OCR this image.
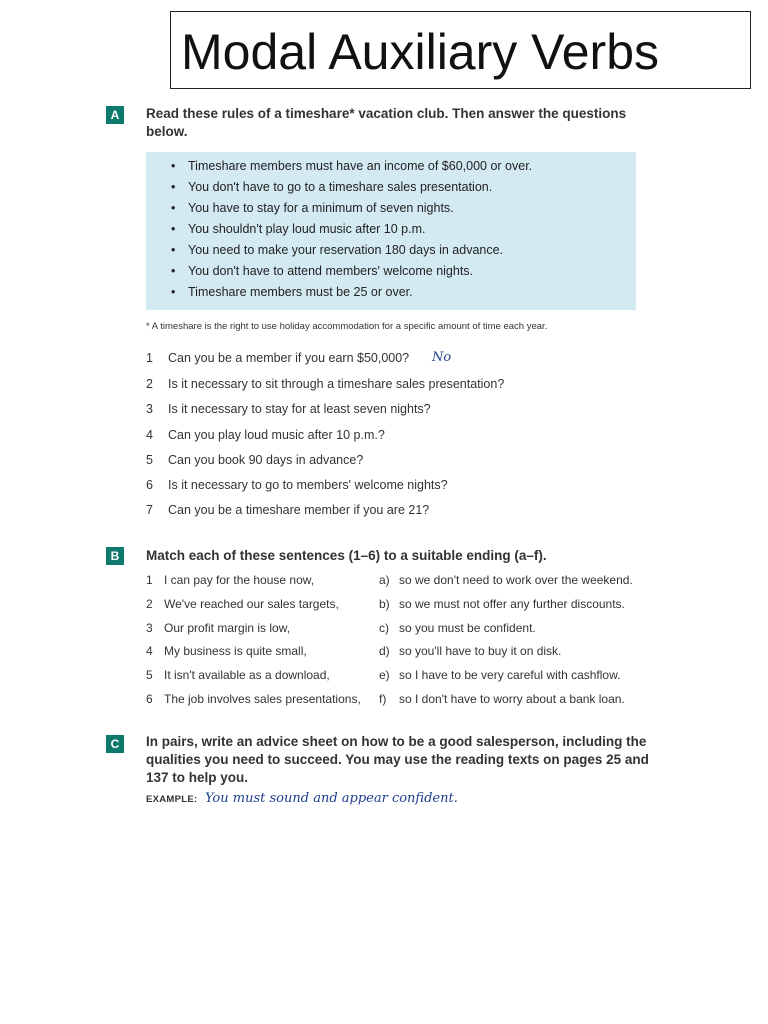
Modal Auxiliary Verbs
A	Read these rules of a timeshare* vacation club. Then answer the questions
below.
• Timeshare members must have an income of $60,000 or over.
• You don't have to go to a timeshare sales presentation.
• You have to stay for a minimum of seven nights.
• You shouldn't play loud music after 10 p.m.
• You need to make your reservation 180 days in advance.
• You don't have to attend members' welcome nights.
• Timeshare members must be 25 or over.
* A timeshare is the right to use holiday accommodation for a specific amount of time each year.
1 Can you be a member if you earn $50,000? No
2 Is it necessary to sit through a timeshare sales presentation?
3 Is it necessary to stay for at least seven nights?
4 Can you play loud music after 10 p.m.?
5 Can you book 90 days in advance?
6 Is it necessary to go to members' welcome nights?
7 Can you be a timeshare member if you are 21?
B	Match each of these sentences (1–6) to a suitable ending (a–f).
1 I can pay for the house now,	a) so we don't need to work over the weekend.
2 We've reached our sales targets,	b) so we must not offer any further discounts.
3 Our profit margin is low,	c) so you must be confident.
4 My business is quite small,	d) so you'll have to buy it on disk.
5 It isn't available as a download,	e) so I have to be very careful with cashflow.
6 The job involves sales presentations, f) so I don't have to worry about a bank loan.
C	In pairs, write an advice sheet on how to be a good salesperson, including the
qualities you need to succeed. You may use the reading texts on pages 25 and
137 to help you.
EXAMPLE: You must sound and appear confident.
